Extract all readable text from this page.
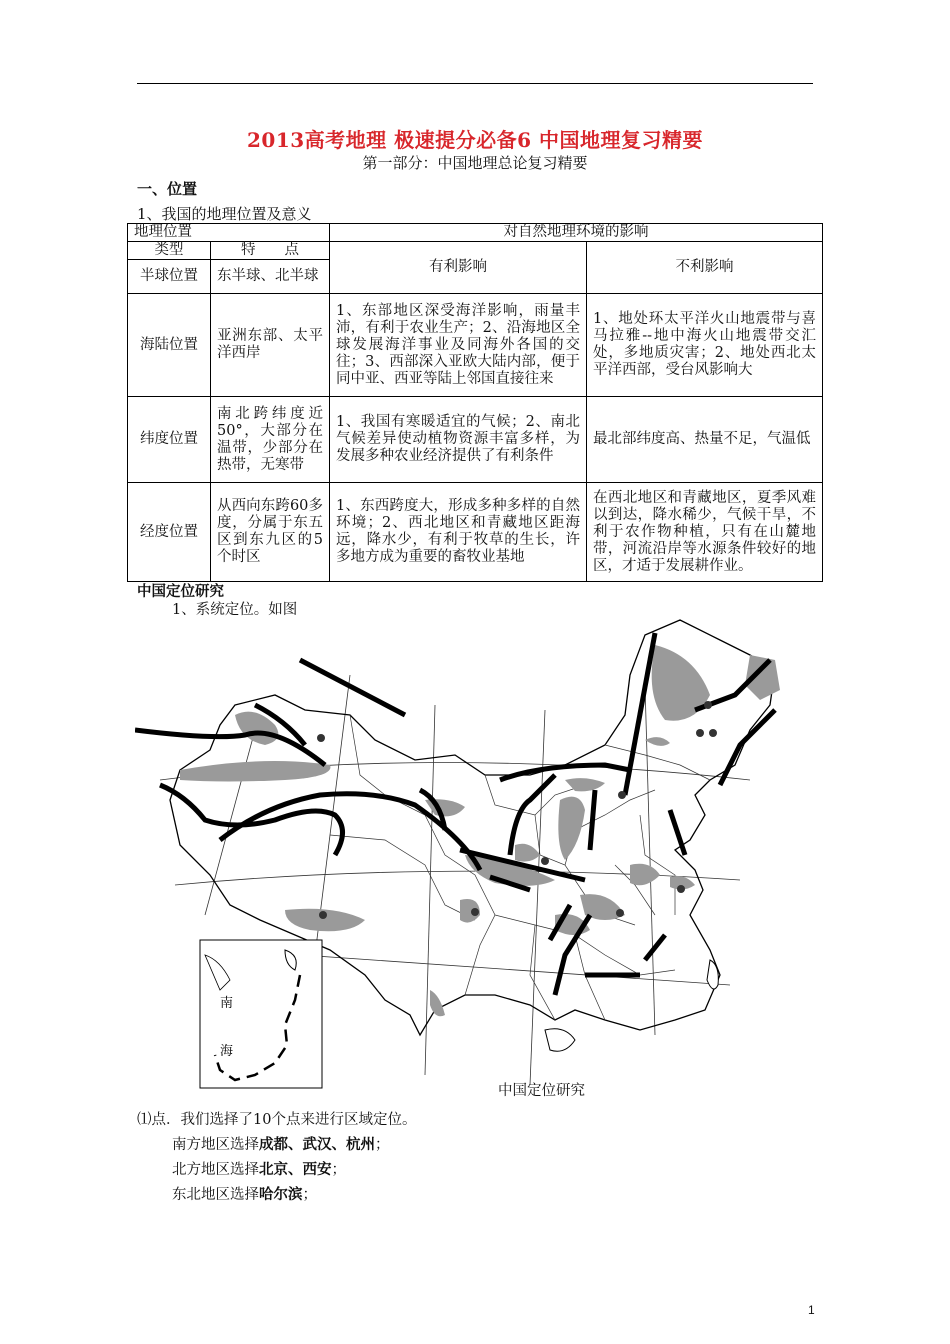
2013高考地理 极速提分必备6 中国地理复习精要
第一部分：中国地理总论复习精要
一、位置
1、我国的地理位置及意义
地理位置		对自然地理环境的影响	
类型	特　　点	有利影响	不利影响
半球位置	东半球、北半球		
海陆位置	亚洲东部、太平洋西岸	1、东部地区深受海洋影响，雨量丰沛，有利于农业生产；2、沿海地区全球发展海洋事业及同海外各国的交往；3、西部深入亚欧大陆内部，便于同中亚、西亚等陆上邻国直接往来	1、地处环太平洋火山地震带与喜马拉雅--地中海火山地震带交汇处，多地质灾害；2、地处西北太平洋西部，受台风影响大
纬度位置	南北跨纬度近50°，大部分在温带，少部分在热带，无寒带	1、我国有寒暖适宜的气候；2、南北气候差异使动植物资源丰富多样，为发展多种农业经济提供了有利条件	最北部纬度高、热量不足，气温低
经度位置	从西向东跨60多度，分属于东五区到东九区的5个时区	1、东西跨度大，形成多种多样的自然环境；2、西北地区和青藏地区距海远，降水少，有利于牧草的生长，许多地方成为重要的畜牧业基地	在西北地区和青藏地区，夏季风难以到达，降水稀少，气候干旱，不利于农作物种植，只有在山麓地带，河流沿岸等水源条件较好的地区，才适于发展耕作业。
中国定位研究
1、系统定位。如图
南
海
中国定位研究
⑴点．我们选择了10个点来进行区域定位。
南方地区选择成都、武汉、杭州；
北方地区选择北京、西安；
东北地区选择哈尔滨；
1
